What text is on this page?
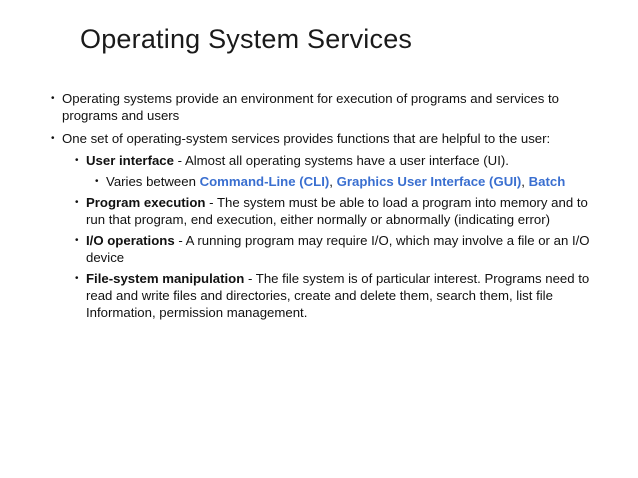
Operating System Services
• Operating systems provide an environment for execution of programs and services to programs and users
• One set of operating-system services provides functions that are helpful to the user:
• User interface - Almost all operating systems have a user interface (UI).
• Varies between Command-Line (CLI), Graphics User Interface (GUI), Batch
• Program execution - The system must be able to load a program into memory and to run that program, end execution, either normally or abnormally (indicating error)
• I/O operations - A running program may require I/O, which may involve a file or an I/O device
• File-system manipulation - The file system is of particular interest. Programs need to read and write files and directories, create and delete them, search them, list file Information, permission management.
